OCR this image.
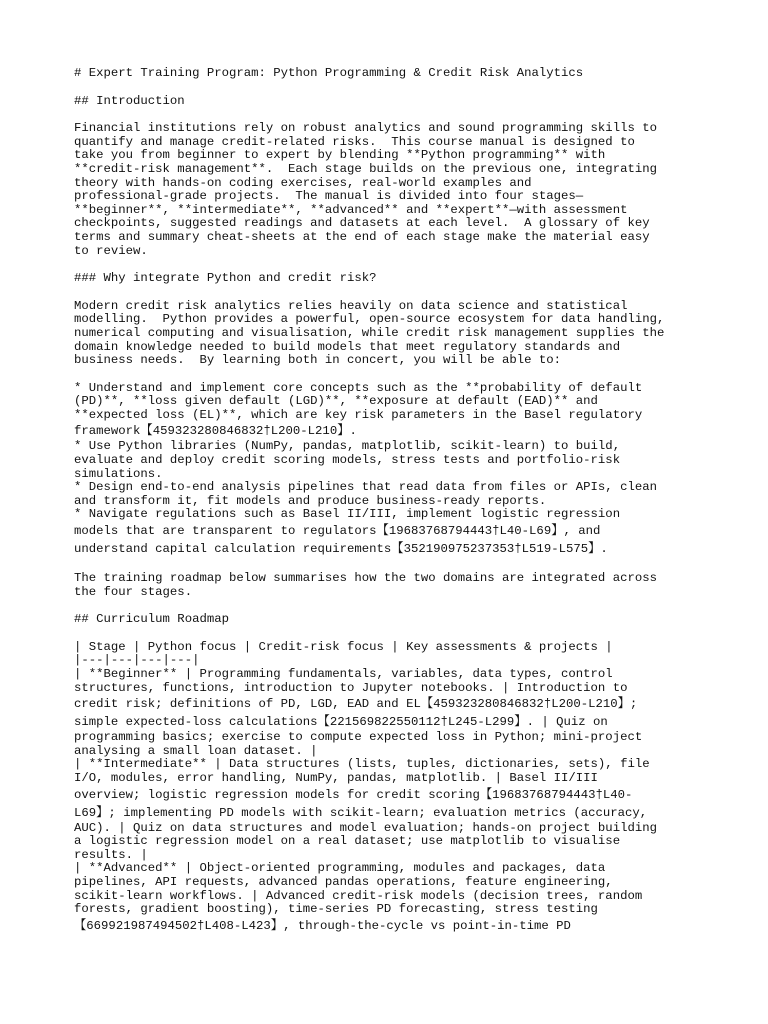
# Expert Training Program: Python Programming & Credit Risk Analytics
## Introduction
Financial institutions rely on robust analytics and sound programming skills to
quantify and manage credit-related risks.  This course manual is designed to
take you from beginner to expert by blending **Python programming** with
**credit-risk management**.  Each stage builds on the previous one, integrating
theory with hands-on coding exercises, real-world examples and
professional-grade projects.  The manual is divided into four stages—
**beginner**, **intermediate**, **advanced** and **expert**—with assessment
checkpoints, suggested readings and datasets at each level.  A glossary of key
terms and summary cheat-sheets at the end of each stage make the material easy
to review.
### Why integrate Python and credit risk?
Modern credit risk analytics relies heavily on data science and statistical
modelling.  Python provides a powerful, open-source ecosystem for data handling,
numerical computing and visualisation, while credit risk management supplies the
domain knowledge needed to build models that meet regulatory standards and
business needs.  By learning both in concert, you will be able to:
* Understand and implement core concepts such as the **probability of default
(PD)**, **loss given default (LGD)**, **exposure at default (EAD)** and
**expected loss (EL)**, which are key risk parameters in the Basel regulatory
framework【459323280846832†L200-L210】.
* Use Python libraries (NumPy, pandas, matplotlib, scikit-learn) to build,
evaluate and deploy credit scoring models, stress tests and portfolio-risk
simulations.
* Design end-to-end analysis pipelines that read data from files or APIs, clean
and transform it, fit models and produce business-ready reports.
* Navigate regulations such as Basel II/III, implement logistic regression
models that are transparent to regulators【19683768794443†L40-L69】, and
understand capital calculation requirements【352190975237353†L519-L575】.
The training roadmap below summarises how the two domains are integrated across
the four stages.
## Curriculum Roadmap
| Stage | Python focus | Credit-risk focus | Key assessments & projects |
|---|---|---|---|
| **Beginner** | Programming fundamentals, variables, data types, control
structures, functions, introduction to Jupyter notebooks. | Introduction to
credit risk; definitions of PD, LGD, EAD and EL【459323280846832†L200-L210】;
simple expected-loss calculations【221569822550112†L245-L299】. | Quiz on
programming basics; exercise to compute expected loss in Python; mini-project
analysing a small loan dataset. |
| **Intermediate** | Data structures (lists, tuples, dictionaries, sets), file
I/O, modules, error handling, NumPy, pandas, matplotlib. | Basel II/III
overview; logistic regression models for credit scoring【19683768794443†L40-
L69】; implementing PD models with scikit-learn; evaluation metrics (accuracy,
AUC). | Quiz on data structures and model evaluation; hands-on project building
a logistic regression model on a real dataset; use matplotlib to visualise
results. |
| **Advanced** | Object-oriented programming, modules and packages, data
pipelines, API requests, advanced pandas operations, feature engineering,
scikit-learn workflows. | Advanced credit-risk models (decision trees, random
forests, gradient boosting), time-series PD forecasting, stress testing
【669921987494502†L408-L423】, through-the-cycle vs point-in-time PD
